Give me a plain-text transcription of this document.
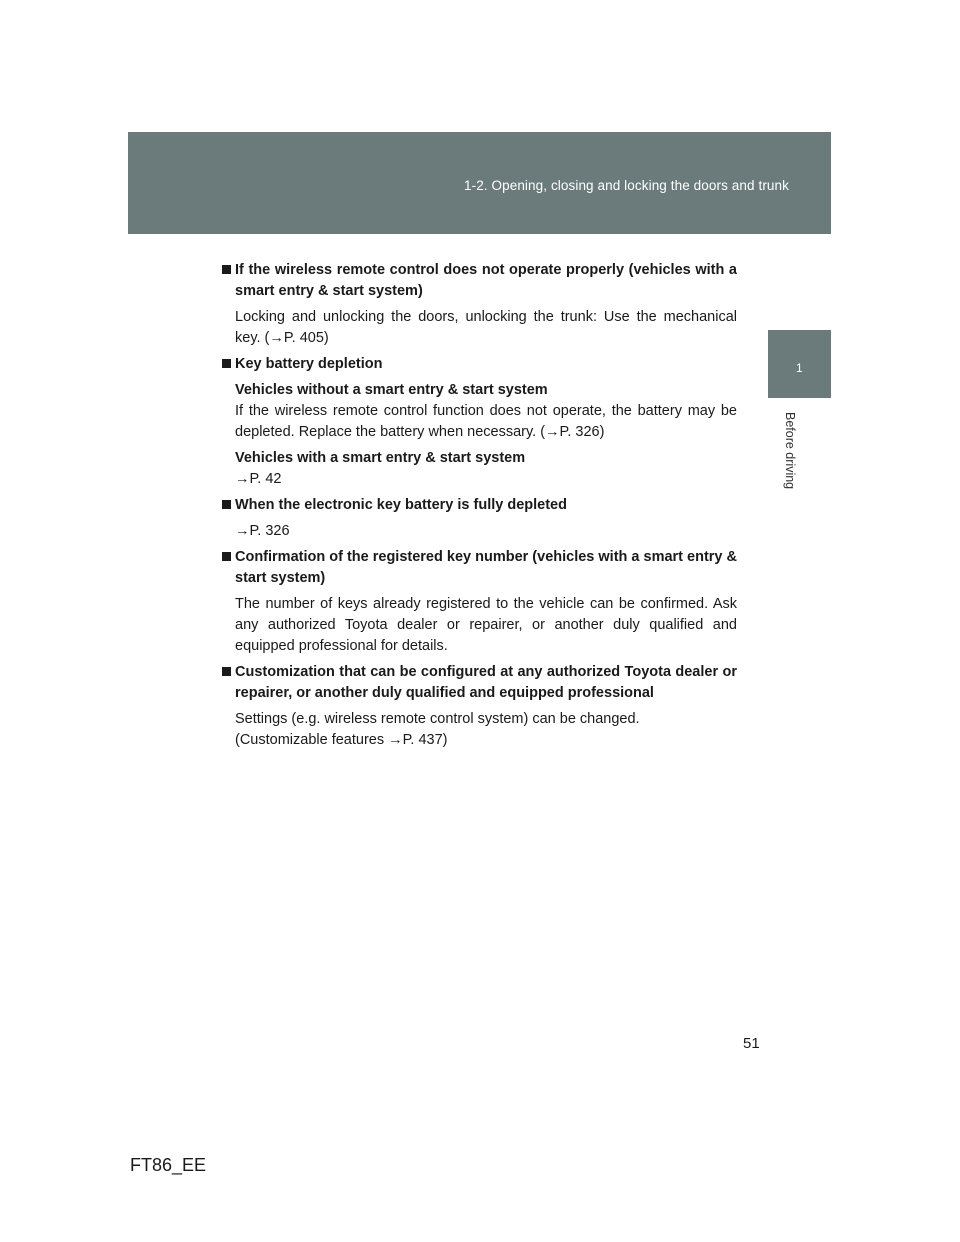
1-2. Opening, closing and locking the doors and trunk
1
Before driving
If the wireless remote control does not operate properly (vehicles with a smart entry & start system)

Locking and unlocking the doors, unlocking the trunk: Use the mechanical key. (→P. 405)

Key battery depletion

Vehicles without a smart entry & start system

If the wireless remote control function does not operate, the battery may be depleted. Replace the battery when necessary. (→P. 326)

Vehicles with a smart entry & start system

→P. 42

When the electronic key battery is fully depleted

→P. 326

Confirmation of the registered key number (vehicles with a smart entry & start system)

The number of keys already registered to the vehicle can be confirmed. Ask any authorized Toyota dealer or repairer, or another duly qualified and equipped professional for details.

Customization that can be configured at any authorized Toyota dealer or repairer, or another duly qualified and equipped professional

Settings (e.g. wireless remote control system) can be changed.

(Customizable features →P. 437)

51
FT86_EE
